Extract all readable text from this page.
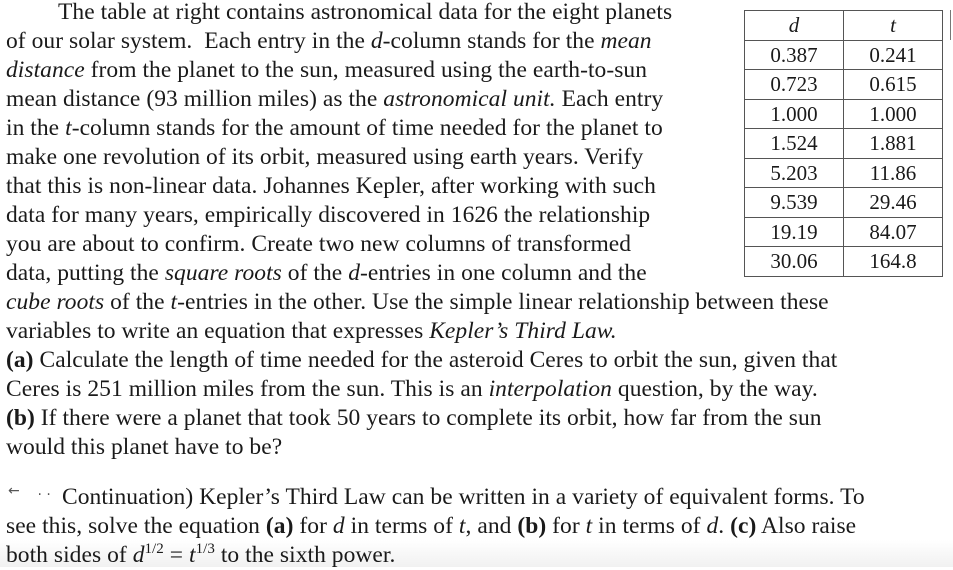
The table at right contains astronomical data for the eight planets
of our solar system.  Each entry in the d-column stands for the mean
distance from the planet to the sun, measured using the earth-to-sun
mean distance (93 million miles) as the astronomical unit. Each entry
in the t-column stands for the amount of time needed for the planet to
make one revolution of its orbit, measured using earth years. Verify
that this is non-linear data. Johannes Kepler, after working with such
data for many years, empirically discovered in 1626 the relationship
you are about to confirm. Create two new columns of transformed
data, putting the square roots of the d-entries in one column and the
cube roots of the t-entries in the other. Use the simple linear relationship between these
variables to write an equation that expresses Kepler’s Third Law.
(a) Calculate the length of time needed for the asteroid Ceres to orbit the sun, given that
Ceres is 251 million miles from the sun. This is an interpolation question, by the way.
(b) If there were a planet that took 50 years to complete its orbit, how far from the sun
would this planet have to be?
←    . . Continuation) Kepler’s Third Law can be written in a variety of equivalent forms. To
see this, solve the equation (a) for d in terms of t, and (b) for t in terms of d. (c) Also raise
both sides of $d^{1/2} = t^{1/3}$ to the sixth power.
d	t
0.387	0.241
0.723	0.615
1.000	1.000
1.524	1.881
5.203	11.86
9.539	29.46
19.19	84.07
30.06	164.8
